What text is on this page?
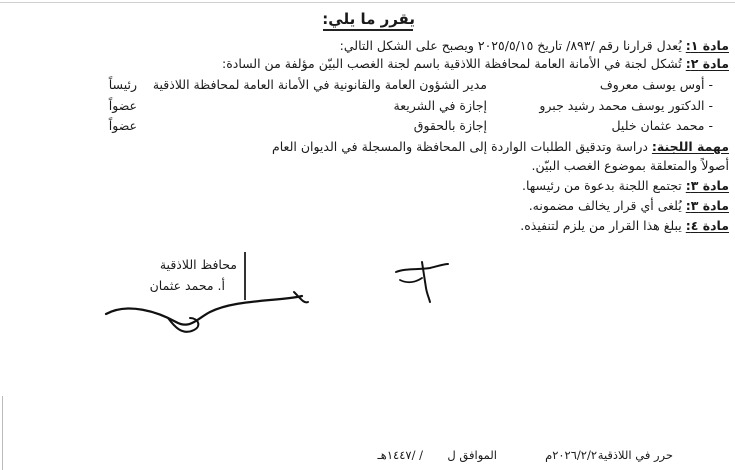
يقرر ما يلي:
مادة ١: يُعدل قرارنا رقم /٨٩٣/ تاريخ ٢٠٢٥/٥/١٥ ويصبح على الشكل التالي:
مادة ٢: تُشكل لجنة في الأمانة العامة لمحافظة اللاذقية باسم لجنة الغصب البيّن مؤلفة من السادة:
- أوس يوسف معروف
مدير الشؤون العامة والقانونية في الأمانة العامة لمحافظة اللاذقية
رئيساً
- الدكتور يوسف محمد رشيد جبرو
إجازة في الشريعة
عضواً
- محمد عثمان خليل
إجازة بالحقوق
عضواً
مهمة اللجنة: دراسة وتدقيق الطلبات الواردة إلى المحافظة والمسجلة في الديوان العام
أصولاً والمتعلقة بموضوع الغصب البيّن.
مادة ٣: تجتمع اللجنة بدعوة من رئيسها.
مادة ٣: يُلغى أي قرار يخالف مضمونه.
مادة ٤: يبلغ هذا القرار من يلزم لتنفيذه.
محافظ اللاذقية
أ. محمد عثمان
حرر في اللاذقية
٢٠٢٦/٢/٢م
الموافق ل
/ /١٤٤٧هـ
